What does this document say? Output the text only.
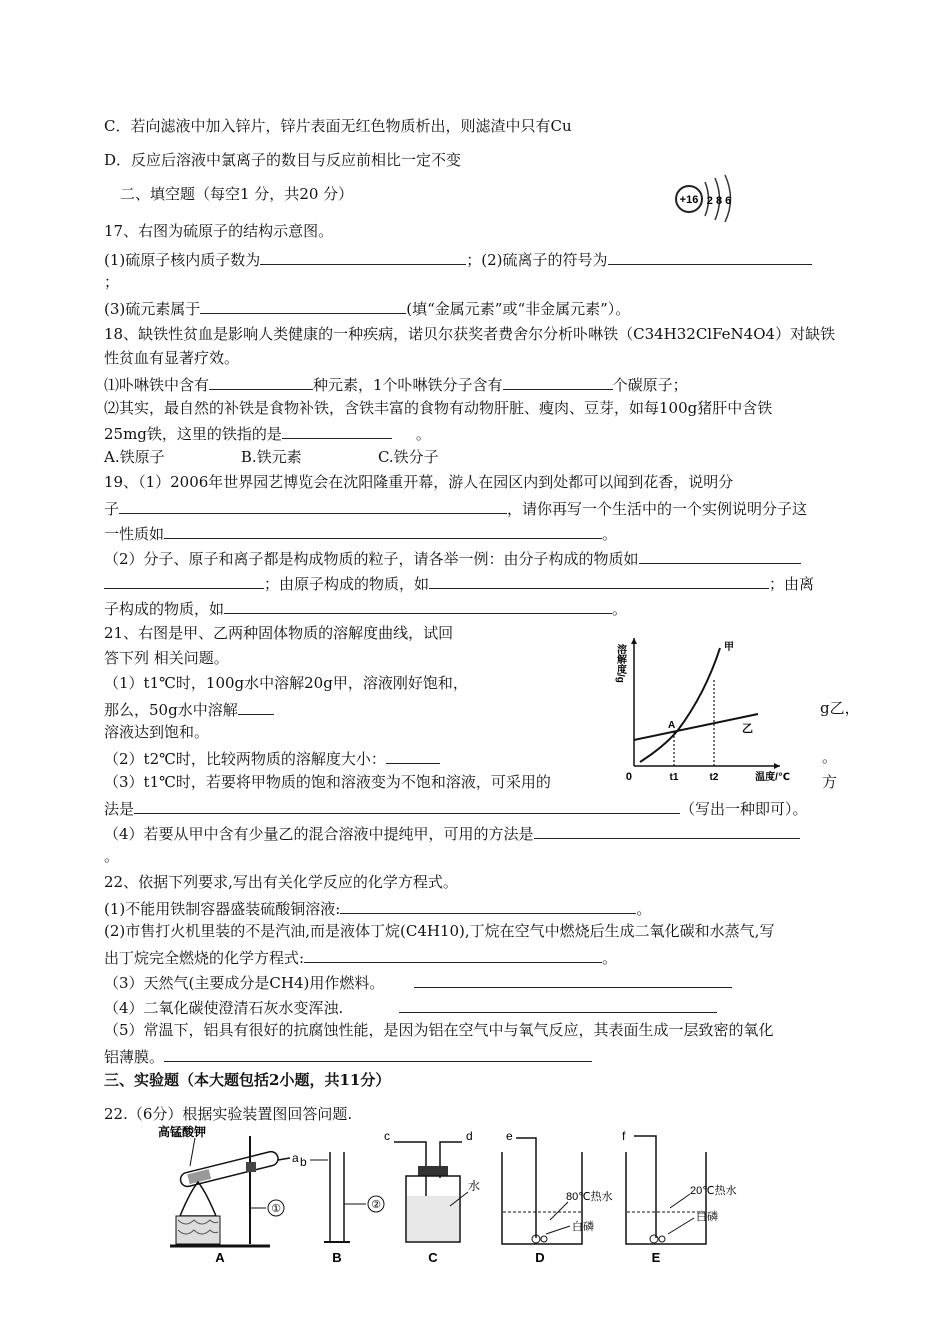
C．若向滤液中加入锌片，锌片表面无红色物质析出，则滤渣中只有Cu
D．反应后溶液中氯离子的数目与反应前相比一定不变
二、填空题（每空1 分，共20 分）	+16 2 8 6
17、右图为硫原子的结构示意图。
(1)硫原子核内质子数为	；(2)硫离子的符号为
；
(3)硫元素属于	(填“金属元素”或“非金属元素”）。
18、缺铁性贫血是影响人类健康的一种疾病，诺贝尔获奖者费舍尔分析卟啉铁（C34H32ClFeN4O4）对缺铁
性贫血有显著疗效。
⑴卟啉铁中含有	种元素，1个卟啉铁分子含有	个碳原子；
⑵其实，最自然的补铁是食物补铁，含铁丰富的食物有动物肝脏、瘦肉、豆芽，如每100g猪肝中含铁
25mg铁，这里的铁指的是	。
A.铁原子                B.铁元素                C.铁分子
19、（1）2006年世界园艺博览会在沈阳隆重开幕，游人在园区内到处都可以闻到花香，说明分
子	，请你再写一个生活中的一个实例说明分子这
一性质如	。
（2）分子、原子和离子都是构成物质的粒子，请各举一例：由分子构成的物质如
；由原子构成的物质，如	；由离
子构成的物质，如	。
21、右图是甲、乙两种固体物质的溶解度曲线，试回
答下列 相关问题。
（1）t1℃时，100g水中溶解20g甲，溶液刚好饱和，
那么，50g水中溶解	g乙，
溶液达到饱和。
（2）t2℃时，比较两物质的溶解度大小：	。
（3）t1℃时，若要将甲物质的饱和溶液变为不饱和溶液，可采用的	方
法是	（写出一种即可）。
（4）若要从甲中含有少量乙的混合溶液中提纯甲，可用的方法是
。
溶解度/g
0	温度/℃
t1	t2
甲
乙
A
22、依据下列要求,写出有关化学反应的化学方程式。
(1)不能用铁制容器盛装硫酸铜溶液:	。
(2)市售打火机里装的不是汽油,而是液体丁烷(C4H10),丁烷在空气中燃烧后生成二氧化碳和水蒸气,写
出丁烷完全燃烧的化学方程式:	。
（3）天然气(主要成分是CH4)用作燃料。
（4）二氧化碳使澄清石灰水变浑浊.
（5）常温下，铝具有很好的抗腐蚀性能，是因为铝在空气中与氧气反应，其表面生成一层致密的氧化
铝薄膜。
三、实验题（本大题包括2小题，共11分）
22.（6分）根据实验装置图回答问题.
高锰酸钾
a
①
A
b
②
B
c	d
水
C
e
80℃热水
白磷
D
f
20℃热水
白磷
E
